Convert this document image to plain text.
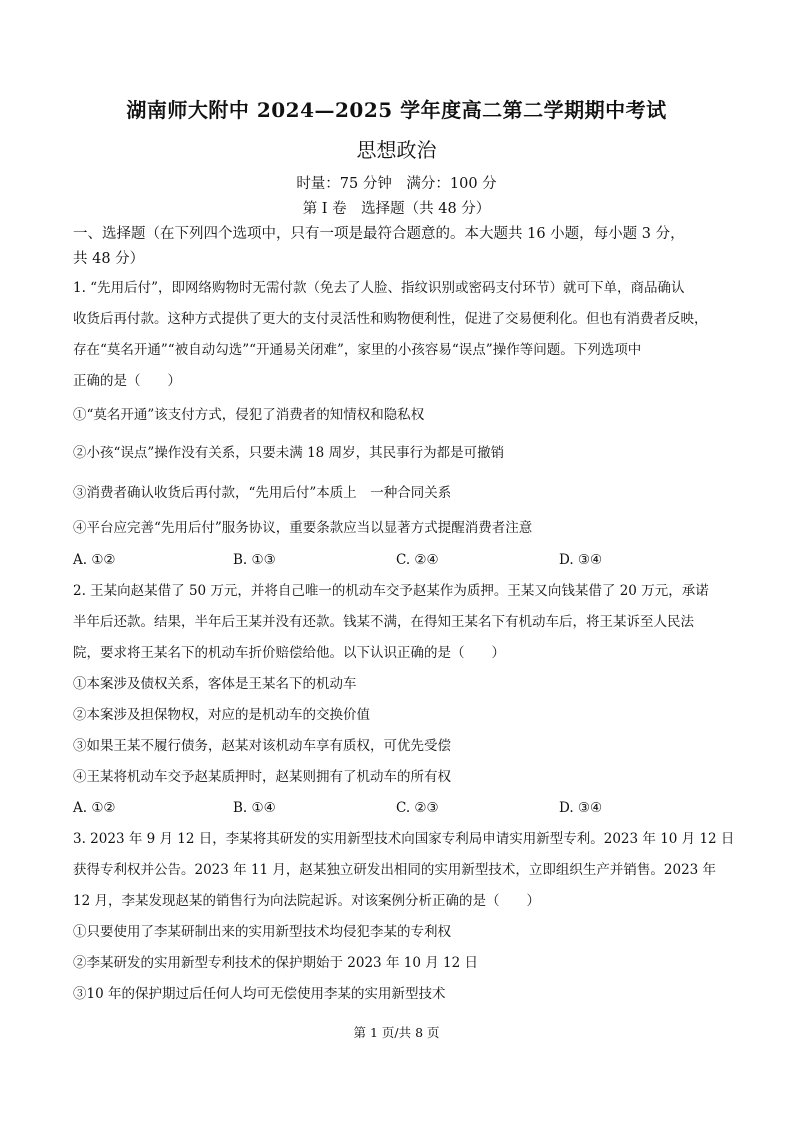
湖南师大附中 2024—2025 学年度高二第二学期期中考试
思想政治
时量：75 分钟　满分：100 分
第 I 卷　选择题（共 48 分）
一、选择题（在下列四个选项中，只有一项是最符合题意的。本大题共 16 小题，每小题 3 分，
共 48 分）
1. “先用后付”，即网络购物时无需付款（免去了人脸、指纹识别或密码支付环节）就可下单，商品确认
收货后再付款。这种方式提供了更大的支付灵活性和购物便利性，促进了交易便利化。但也有消费者反映，
存在“莫名开通”“被自动勾选”“开通易关闭难”，家里的小孩容易“误点”操作等问题。下列选项中
正确的是（　　）
①“莫名开通”该支付方式，侵犯了消费者的知情权和隐私权
②小孩“误点”操作没有关系，只要未满 18 周岁，其民事行为都是可撤销
③消费者确认收货后再付款，“先用后付”本质上　一种合同关系
④平台应完善“先用后付”服务协议，重要条款应当以显著方式提醒消费者注意
A. ①②	B. ①③	C. ②④	D. ③④
2. 王某向赵某借了 50 万元，并将自己唯一的机动车交予赵某作为质押。王某又向钱某借了 20 万元，承诺
半年后还款。结果，半年后王某并没有还款。钱某不满，在得知王某名下有机动车后，将王某诉至人民法
院，要求将王某名下的机动车折价赔偿给他。以下认识正确的是（　　）
①本案涉及债权关系，客体是王某名下的机动车
②本案涉及担保物权，对应的是机动车的交换价值
③如果王某不履行债务，赵某对该机动车享有质权，可优先受偿
④王某将机动车交予赵某质押时，赵某则拥有了机动车的所有权
A. ①②	B. ①④	C. ②③	D. ③④
3. 2023 年 9 月 12 日，李某将其研发的实用新型技术向国家专利局申请实用新型专利。2023 年 10 月 12 日
获得专利权并公告。2023 年 11 月，赵某独立研发出相同的实用新型技术，立即组织生产并销售。2023 年
12 月，李某发现赵某的销售行为向法院起诉。对该案例分析正确的是（　　）
①只要使用了李某研制出来的实用新型技术均侵犯李某的专利权
②李某研发的实用新型专利技术的保护期始于 2023 年 10 月 12 日
③10 年的保护期过后任何人均可无偿使用李某的实用新型技术
第 1 页/共 8 页
